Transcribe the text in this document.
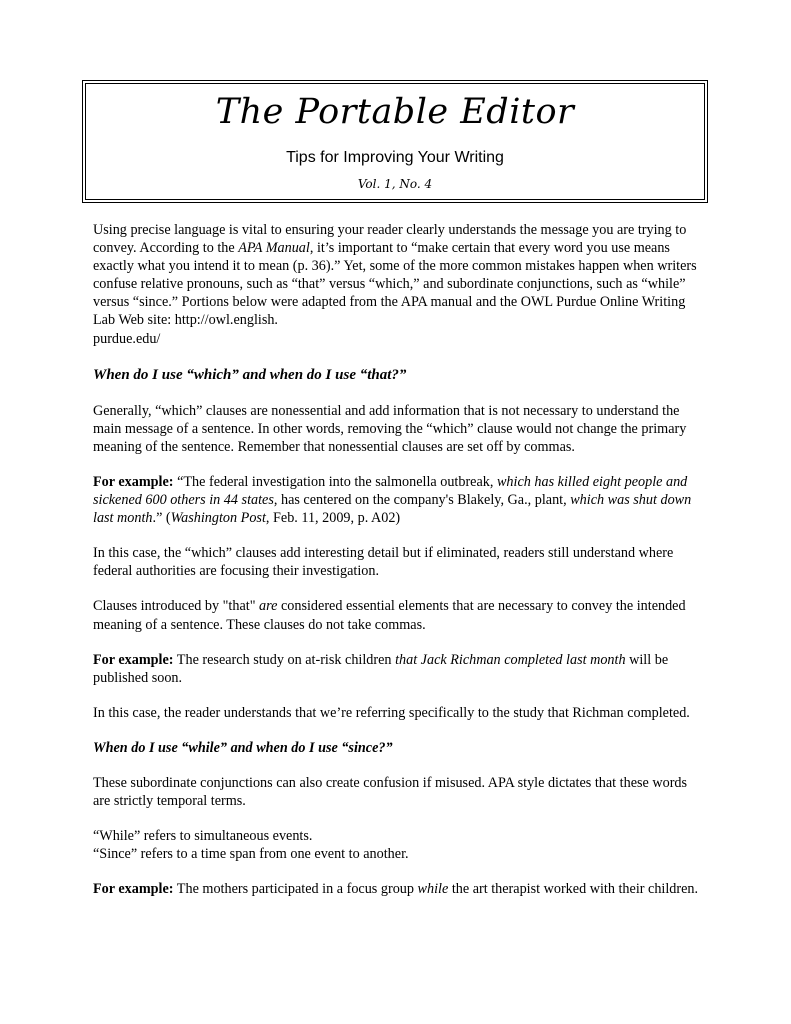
The Portable Editor

Tips for Improving Your Writing

Vol. 1, No. 4

Using precise language is vital to ensuring your reader clearly understands the message you are trying to convey. According to the APA Manual, it’s important to “make certain that every word you use means exactly what you intend it to mean (p. 36).” Yet, some of the more common mistakes happen when writers confuse relative pronouns, such as “that” versus “which,” and subordinate conjunctions, such as “while” versus “since.” Portions below were adapted from the APA manual and the OWL Purdue Online Writing Lab Web site: http://owl.english.
purdue.edu/

When do I use “which” and when do I use “that?”

Generally, “which” clauses are nonessential and add information that is not necessary to understand the main message of a sentence. In other words, removing the “which” clause would not change the primary meaning of the sentence. Remember that nonessential clauses are set off by commas.

For example: “The federal investigation into the salmonella outbreak, which has killed eight people and sickened 600 others in 44 states, has centered on the company's Blakely, Ga., plant, which was shut down last month.” (Washington Post, Feb. 11, 2009, p. A02)

In this case, the “which” clauses add interesting detail but if eliminated, readers still understand where federal authorities are focusing their investigation.

Clauses introduced by "that" are considered essential elements that are necessary to convey the intended meaning of a sentence. These clauses do not take commas.

For example: The research study on at-risk children that Jack Richman completed last month will be published soon.

In this case, the reader understands that we’re referring specifically to the study that Richman completed.

When do I use “while” and when do I use “since?”

These subordinate conjunctions can also create confusion if misused. APA style dictates that these words are strictly temporal terms.

“While” refers to simultaneous events.
“Since” refers to a time span from one event to another.

For example: The mothers participated in a focus group while the art therapist worked with their children.
